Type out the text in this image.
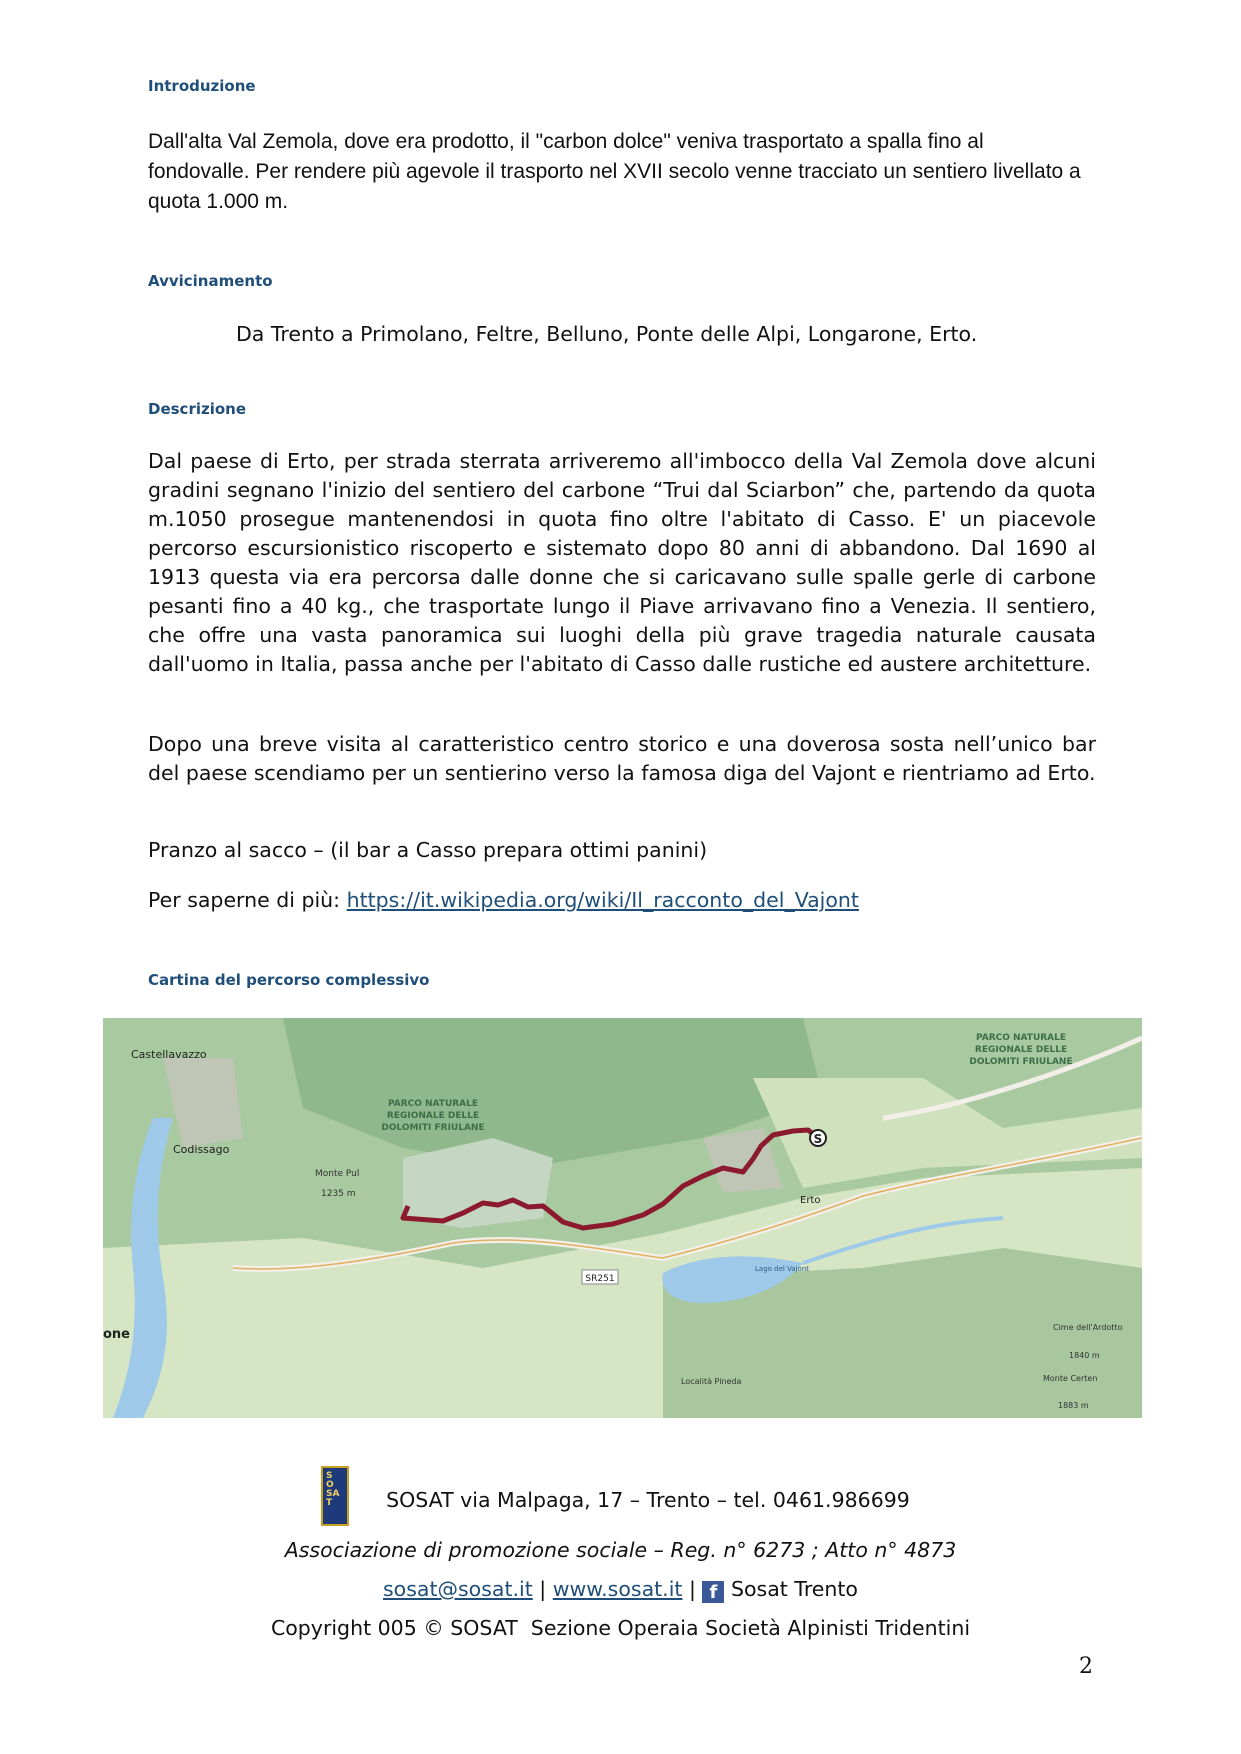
Introduzione

Dall'alta Val Zemola, dove era prodotto, il "carbon dolce" veniva trasportato a spalla fino al fondovalle. Per rendere più agevole il trasporto nel XVII secolo venne tracciato un sentiero livellato a quota 1.000 m.

Avvicinamento

Da Trento a Primolano, Feltre, Belluno, Ponte delle Alpi, Longarone, Erto.

Descrizione

Dal paese di Erto, per strada sterrata arriveremo all'imbocco della Val Zemola dove alcuni gradini segnano l'inizio del sentiero del carbone “Trui dal Sciarbon” che, partendo da quota m.1050 prosegue mantenendosi in quota fino oltre l'abitato di Casso. E' un piacevole percorso escursionistico riscoperto e sistemato dopo 80 anni di abbandono. Dal 1690 al 1913 questa via era percorsa dalle donne che si caricavano sulle spalle gerle di carbone pesanti fino a 40 kg., che trasportate lungo il Piave arrivavano fino a Venezia. Il sentiero, che offre una vasta panoramica sui luoghi della più grave tragedia naturale causata dall'uomo in Italia, passa anche per l'abitato di Casso dalle rustiche ed austere architetture.

Dopo una breve visita al caratteristico centro storico e una doverosa sosta nell’unico bar del paese scendiamo per un sentierino verso la famosa diga del Vajont e rientriamo ad Erto.

Pranzo al sacco – (il bar a Casso prepara ottimi panini)

Per saperne di più: https://it.wikipedia.org/wiki/Il_racconto_del_Vajont

Cartina del percorso complessivo
S
Castellavazzo
Codissago
Monte Pul
1235 m
PARCO NATURALE
REGIONALE DELLE
DOLOMITI FRIULANE
PARCO NATURALE
REGIONALE DELLE
DOLOMITI FRIULANE
Erto
SR251
Lago del Vajont
Località Pineda
Cime dell'Ardotto
1840 m
Monte Certen
1883 m
one
SOSAT	SOSAT via Malpaga, 17 – Trento – tel. 0461.986699
Associazione di promozione sociale – Reg. n° 6273 ; Atto n° 4873
sosat@sosat.it | www.sosat.it | f Sosat Trento
Copyright 005 © SOSAT  Sezione Operaia Società Alpinisti Tridentini
2
